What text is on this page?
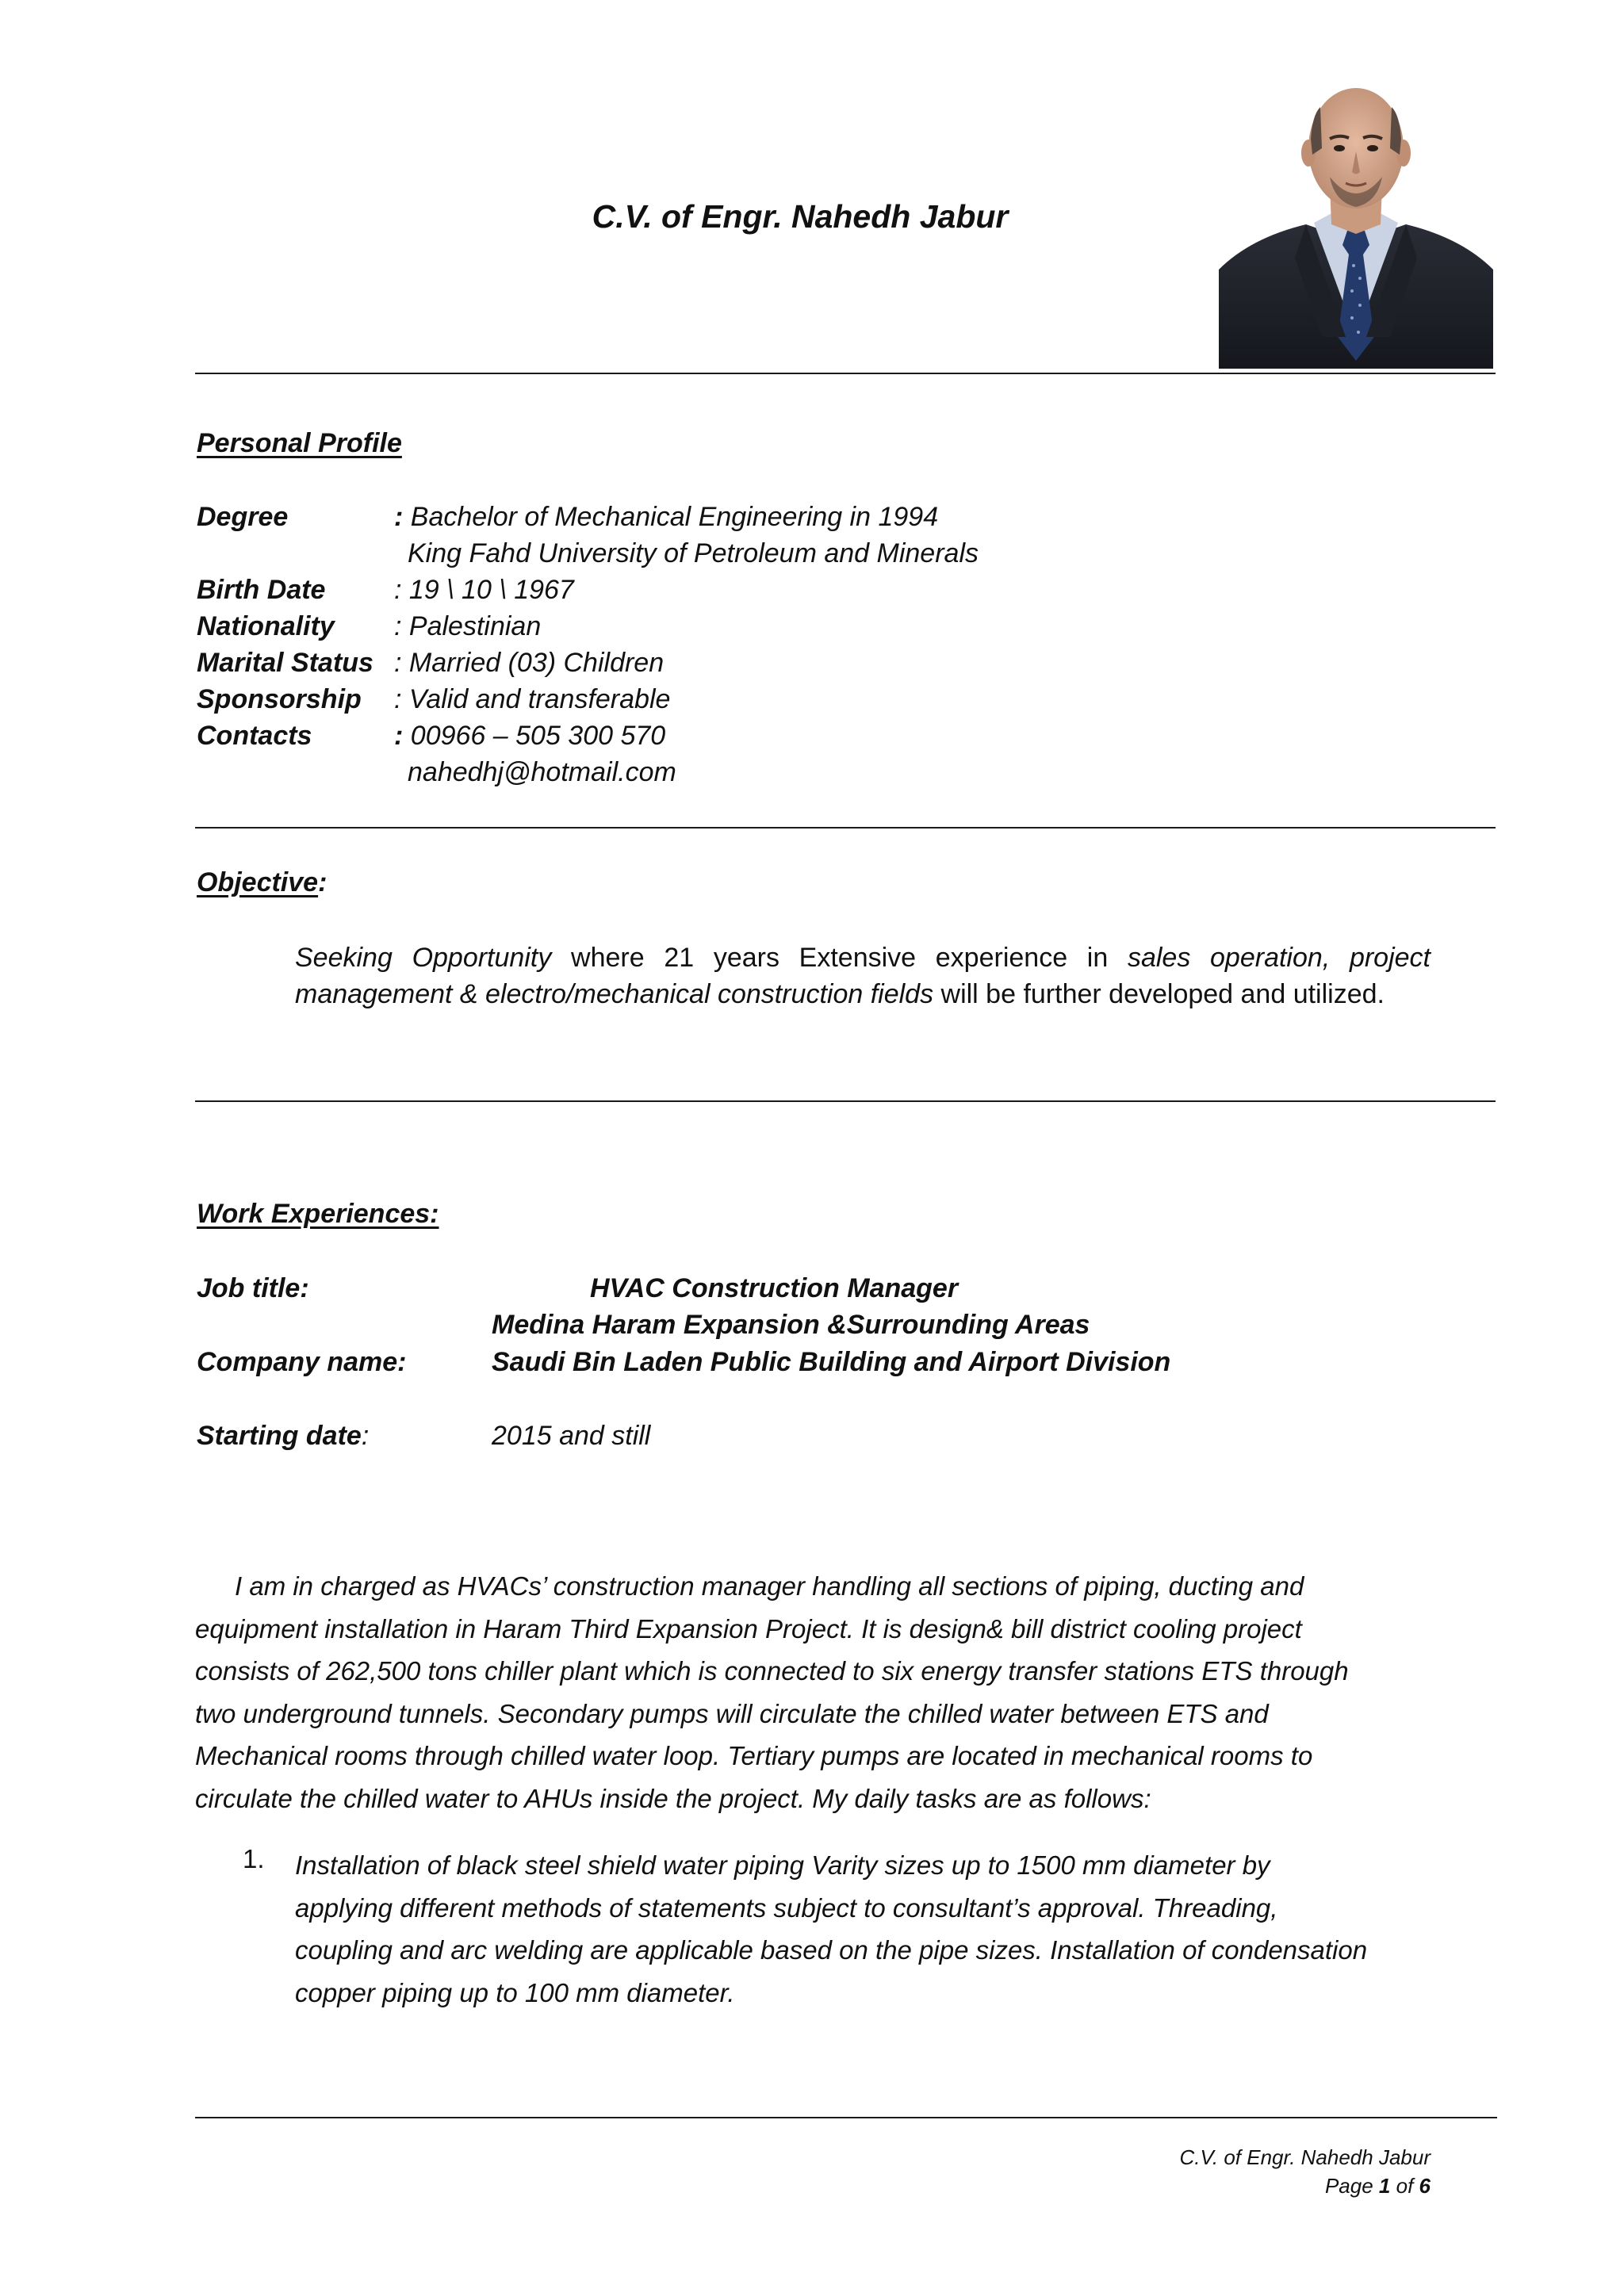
C.V. of Engr. Nahedh Jabur
Personal Profile
Degree	: Bachelor of Mechanical Engineering in 1994
King Fahd University of Petroleum and Minerals
Birth Date	: 19 \ 10 \ 1967
Nationality : Palestinian
Marital Status : Married (03) Children
Sponsorship : Valid and transferable
Contacts	: 00966 – 505 300 570
nahedhj@hotmail.com
Objective:
Seeking Opportunity where 21 years Extensive experience in sales operation, project management & electro/mechanical construction fields will be further developed and utilized.
Work Experiences:
Job title:	HVAC Construction Manager
Medina Haram Expansion &Surrounding Areas
Company name:	Saudi Bin Laden Public Building and Airport Division
Starting date:	2015 and still
I am in charged as HVACs’ construction manager handling all sections of piping, ducting and
equipment installation in Haram Third Expansion Project. It is design& bill district cooling project
consists of 262,500 tons chiller plant which is connected to six energy transfer stations ETS through
two underground tunnels. Secondary pumps will circulate the chilled water between ETS and
Mechanical rooms through chilled water loop. Tertiary pumps are located in mechanical rooms to
circulate the chilled water to AHUs inside the project. My daily tasks are as follows:
1. Installation of black steel shield water piping Varity sizes up to 1500 mm diameter by
applying different methods of statements subject to consultant’s approval. Threading,
coupling and arc welding are applicable based on the pipe sizes. Installation of condensation
copper piping up to 100 mm diameter.
C.V. of Engr. Nahedh Jabur
Page 1 of 6
